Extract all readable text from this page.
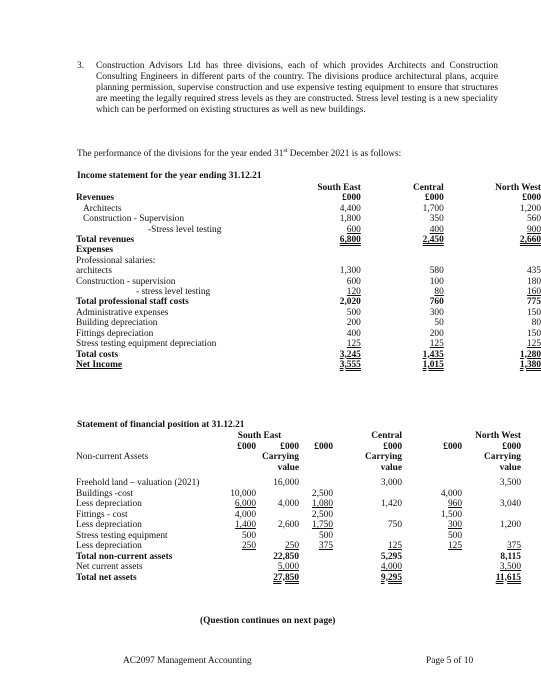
3. Construction Advisors Ltd has three divisions, each of which provides Architects and Construction Consulting Engineers in different parts of the country. The divisions produce architectural plans, acquire planning permission, supervise construction and use expensive testing equipment to ensure that structures are meeting the legally required stress levels as they are constructed. Stress level testing is a new speciality which can be performed on existing structures as well as new buildings.
The performance of the divisions for the year ended 31st December 2021 is as follows:
Income statement for the year ending 31.12.21
	South East	Central	North West
Revenues	£000	£000	£000
Architects	4,400	1,700	1,200
Construction - Supervision	1,800	350	560
-Stress level testing	600	400	900
Total revenues	6,800	2,450	2,660
Expenses			
Professional salaries:			
architects	1,300	580	435
Construction - supervision	600	100	180
- stress level testing	120	80	160
Total professional staff costs	2,020	760	775
Administrative expenses	500	300	150
Building depreciation	200	50	80
Fittings depreciation	400	200	150
Stress testing equipment depreciation	125	125	125
Total costs	3,245	1,435	1,280
Net Income	3,555	1,015	1,380
Statement of financial position at 31.12.21
	South East			Central		North West
	£000	£000	£000	£000	£000	£000
Non-current Assets		Carrying		Carrying		Carrying
		value		value		value

Freehold land – valuation (2021)		16,000		3,000		3,500
Buildings -cost	10,000		2,500		4,000	
Less depreciation	6,000	4,000	1,080	1,420	960	3,040
Fittings - cost	4,000		2,500		1,500	
Less depreciation	1,400	2,600	1,750	750	300	1,200
Stress testing equipment	500		500		500	
Less depreciation	250	250	375	125	125	375
Total non-current assets		22,850		5,295		8,115
Net current assets		5,000		4,000		3,500
Total net assets		27,850		9,295		11,615
(Question continues on next page)
AC2097 Management Accounting	Page 5 of 10
